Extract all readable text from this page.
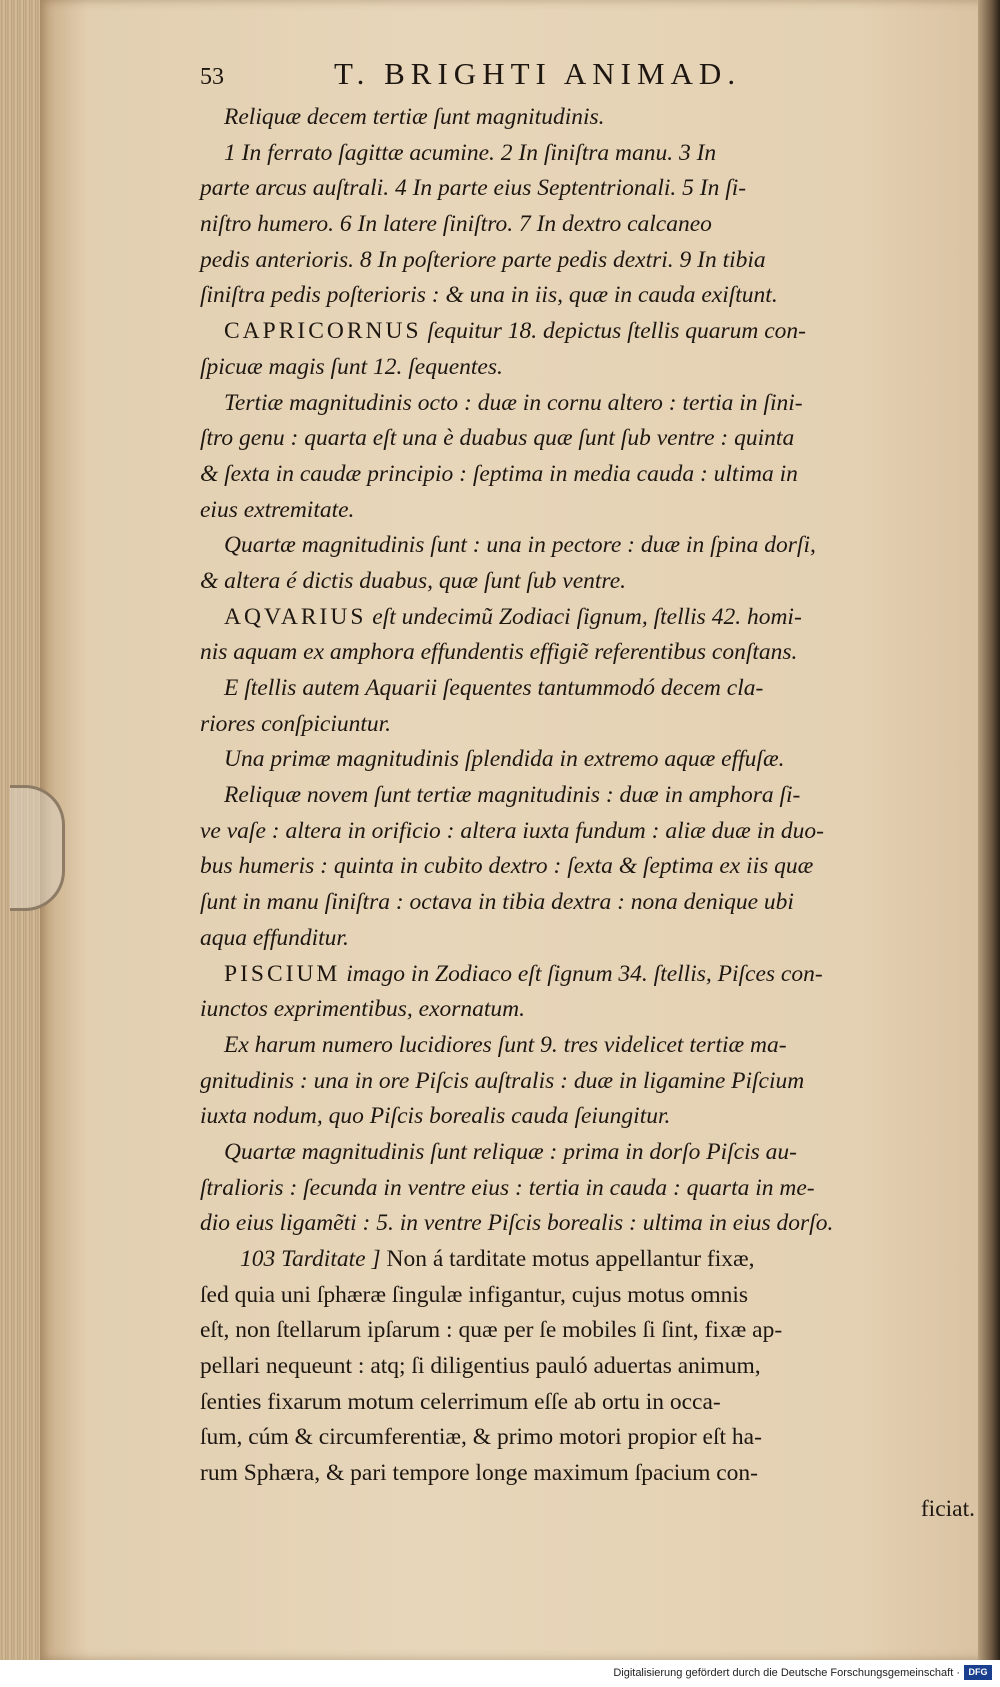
53	T. BRIGHTI ANIMAD.
Reliquæ decem tertiæ ſunt magnitudinis.
1 In ferrato ſagittæ acumine. 2 In ſiniſtra manu. 3 In
parte arcus auſtrali. 4 In parte eius Septentrionali. 5 In ſi-
niſtro humero. 6 In latere ſiniſtro. 7 In dextro calcaneo
pedis anterioris. 8 In poſteriore parte pedis dextri. 9 In tibia
ſiniſtra pedis poſterioris : & una in iis, quæ in cauda exiſtunt.
CAPRICORNUS ſequitur 18. depictus ſtellis quarum con-
ſpicuæ magis ſunt 12. ſequentes.
Tertiæ magnitudinis octo : duæ in cornu altero : tertia in ſini-
ſtro genu : quarta eſt una è duabus quæ ſunt ſub ventre : quinta
& ſexta in caudæ principio : ſeptima in media cauda : ultima in
eius extremitate.
Quartæ magnitudinis ſunt : una in pectore : duæ in ſpina dorſi,
& altera é dictis duabus, quæ ſunt ſub ventre.
AQVARIUS eſt undecimũ Zodiaci ſignum, ſtellis 42. homi-
nis aquam ex amphora effundentis effigiẽ referentibus conſtans.
E ſtellis autem Aquarii ſequentes tantummodó decem cla-
riores conſpiciuntur.
Una primæ magnitudinis ſplendida in extremo aquæ effuſæ.
Reliquæ novem ſunt tertiæ magnitudinis : duæ in amphora ſi-
ve vaſe : altera in orificio : altera iuxta fundum : aliæ duæ in duo-
bus humeris : quinta in cubito dextro : ſexta & ſeptima ex iis quæ
ſunt in manu ſiniſtra : octava in tibia dextra : nona denique ubi
aqua effunditur.
PISCIUM imago in Zodiaco eſt ſignum 34. ſtellis, Piſces con-
iunctos exprimentibus, exornatum.
Ex harum numero lucidiores ſunt 9. tres videlicet tertiæ ma-
gnitudinis : una in ore Piſcis auſtralis : duæ in ligamine Piſcium
iuxta nodum, quo Piſcis borealis cauda ſeiungitur.
Quartæ magnitudinis ſunt reliquæ : prima in dorſo Piſcis au-
ſtralioris : ſecunda in ventre eius : tertia in cauda : quarta in me-
dio eius ligamẽti : 5. in ventre Piſcis borealis : ultima in eius dorſo.
103 Tarditate ] Non á tarditate motus appellantur fixæ,
ſed quia uni ſphæræ ſingulæ infigantur, cujus motus omnis
eſt, non ſtellarum ipſarum : quæ per ſe mobiles ſi ſint, fixæ ap-
pellari nequeunt : atq; ſi diligentius pauló aduertas animum,
ſenties fixarum motum celerrimum eſſe ab ortu in occa-
ſum, cúm & circumferentiæ, & primo motori propior eſt ha-
rum Sphæra, & pari tempore longe maximum ſpacium con-
ficiat.
Digitalisierung gefördert durch die Deutsche Forschungsgemeinschaft · DFG
